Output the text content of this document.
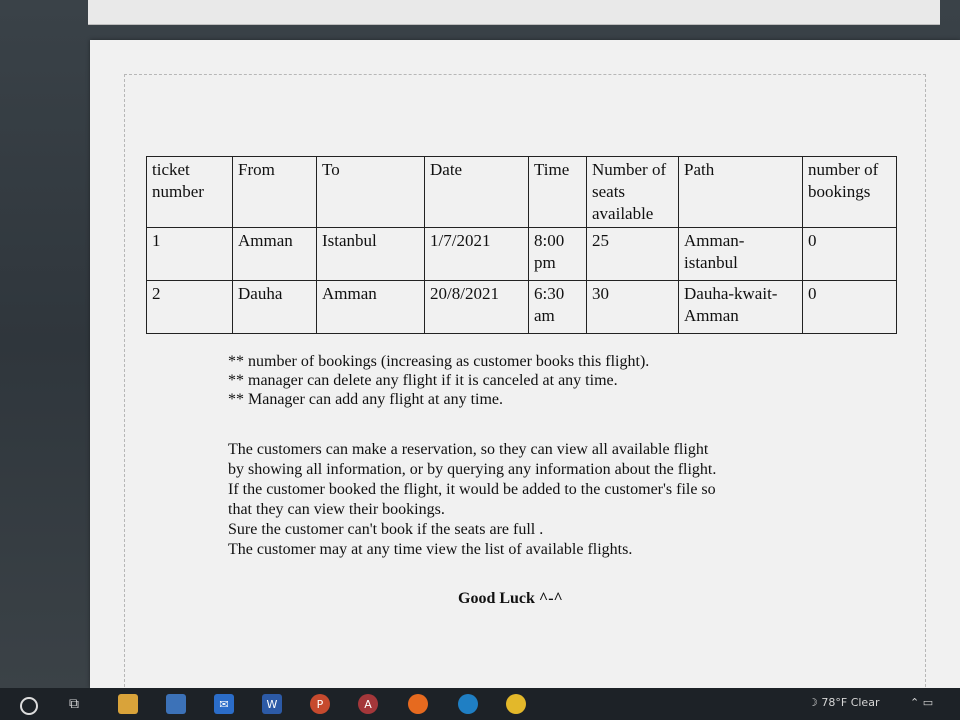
ticket number	From	To	Date	Time	Number of seats available	Path	number of bookings
1	Amman	Istanbul	1/7/2021	8:00 pm	25	Amman-istanbul	0
2	Dauha	Amman	20/8/2021	6:30 am	30	Dauha-kwait-Amman	0
** number of bookings (increasing as customer books this flight).
** manager can delete any flight if it is canceled at any time.
** Manager can add any flight at any time.
The customers can make a reservation, so they can view all available flight
by showing all information, or by querying any information about the flight.
If the customer booked the flight, it would be added to the customer's file so
that they can view their bookings.
Sure the customer can't book if the seats are full .
The customer may at any time view the list of available flights.
Good Luck ^-^
⧉	✉	W	P	A	☽ 78°F Clear	⌃ ▭
